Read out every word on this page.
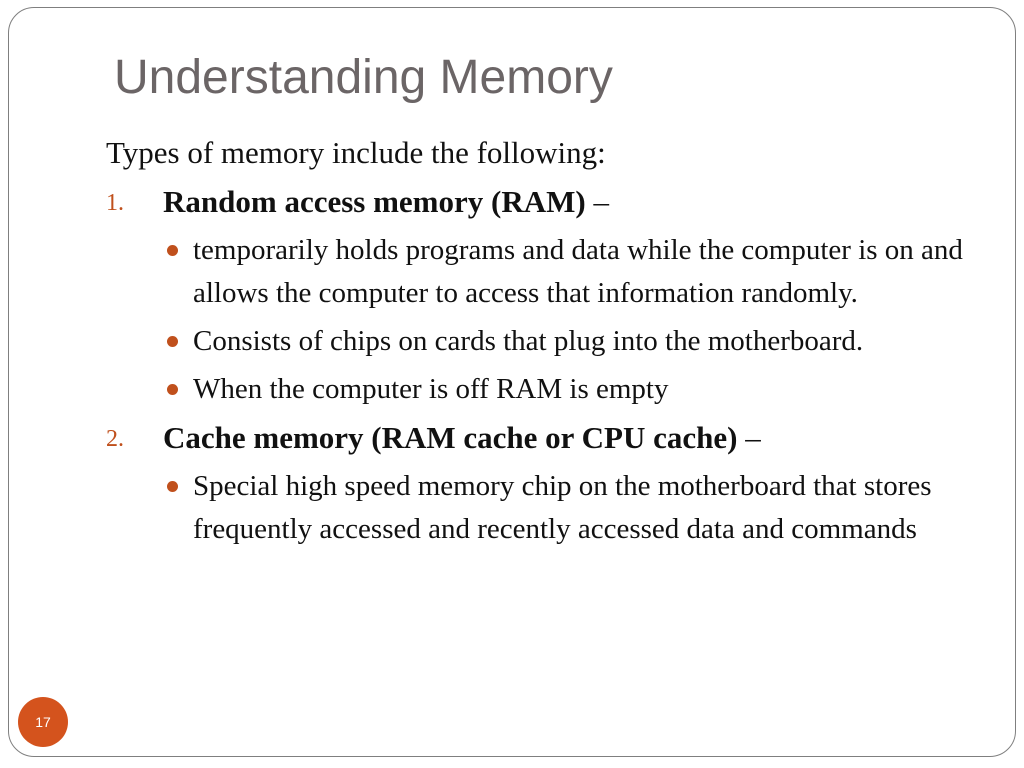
Understanding Memory

Types of memory include the following:

1. Random access memory (RAM) –
temporarily holds programs and data while the computer is on and allows the computer to access that information randomly.
Consists of chips on cards that plug into the motherboard.
When the computer is off RAM is empty
2. Cache memory (RAM cache or CPU cache) –
Special high speed memory chip on the motherboard that stores frequently accessed and recently accessed data and commands
17
